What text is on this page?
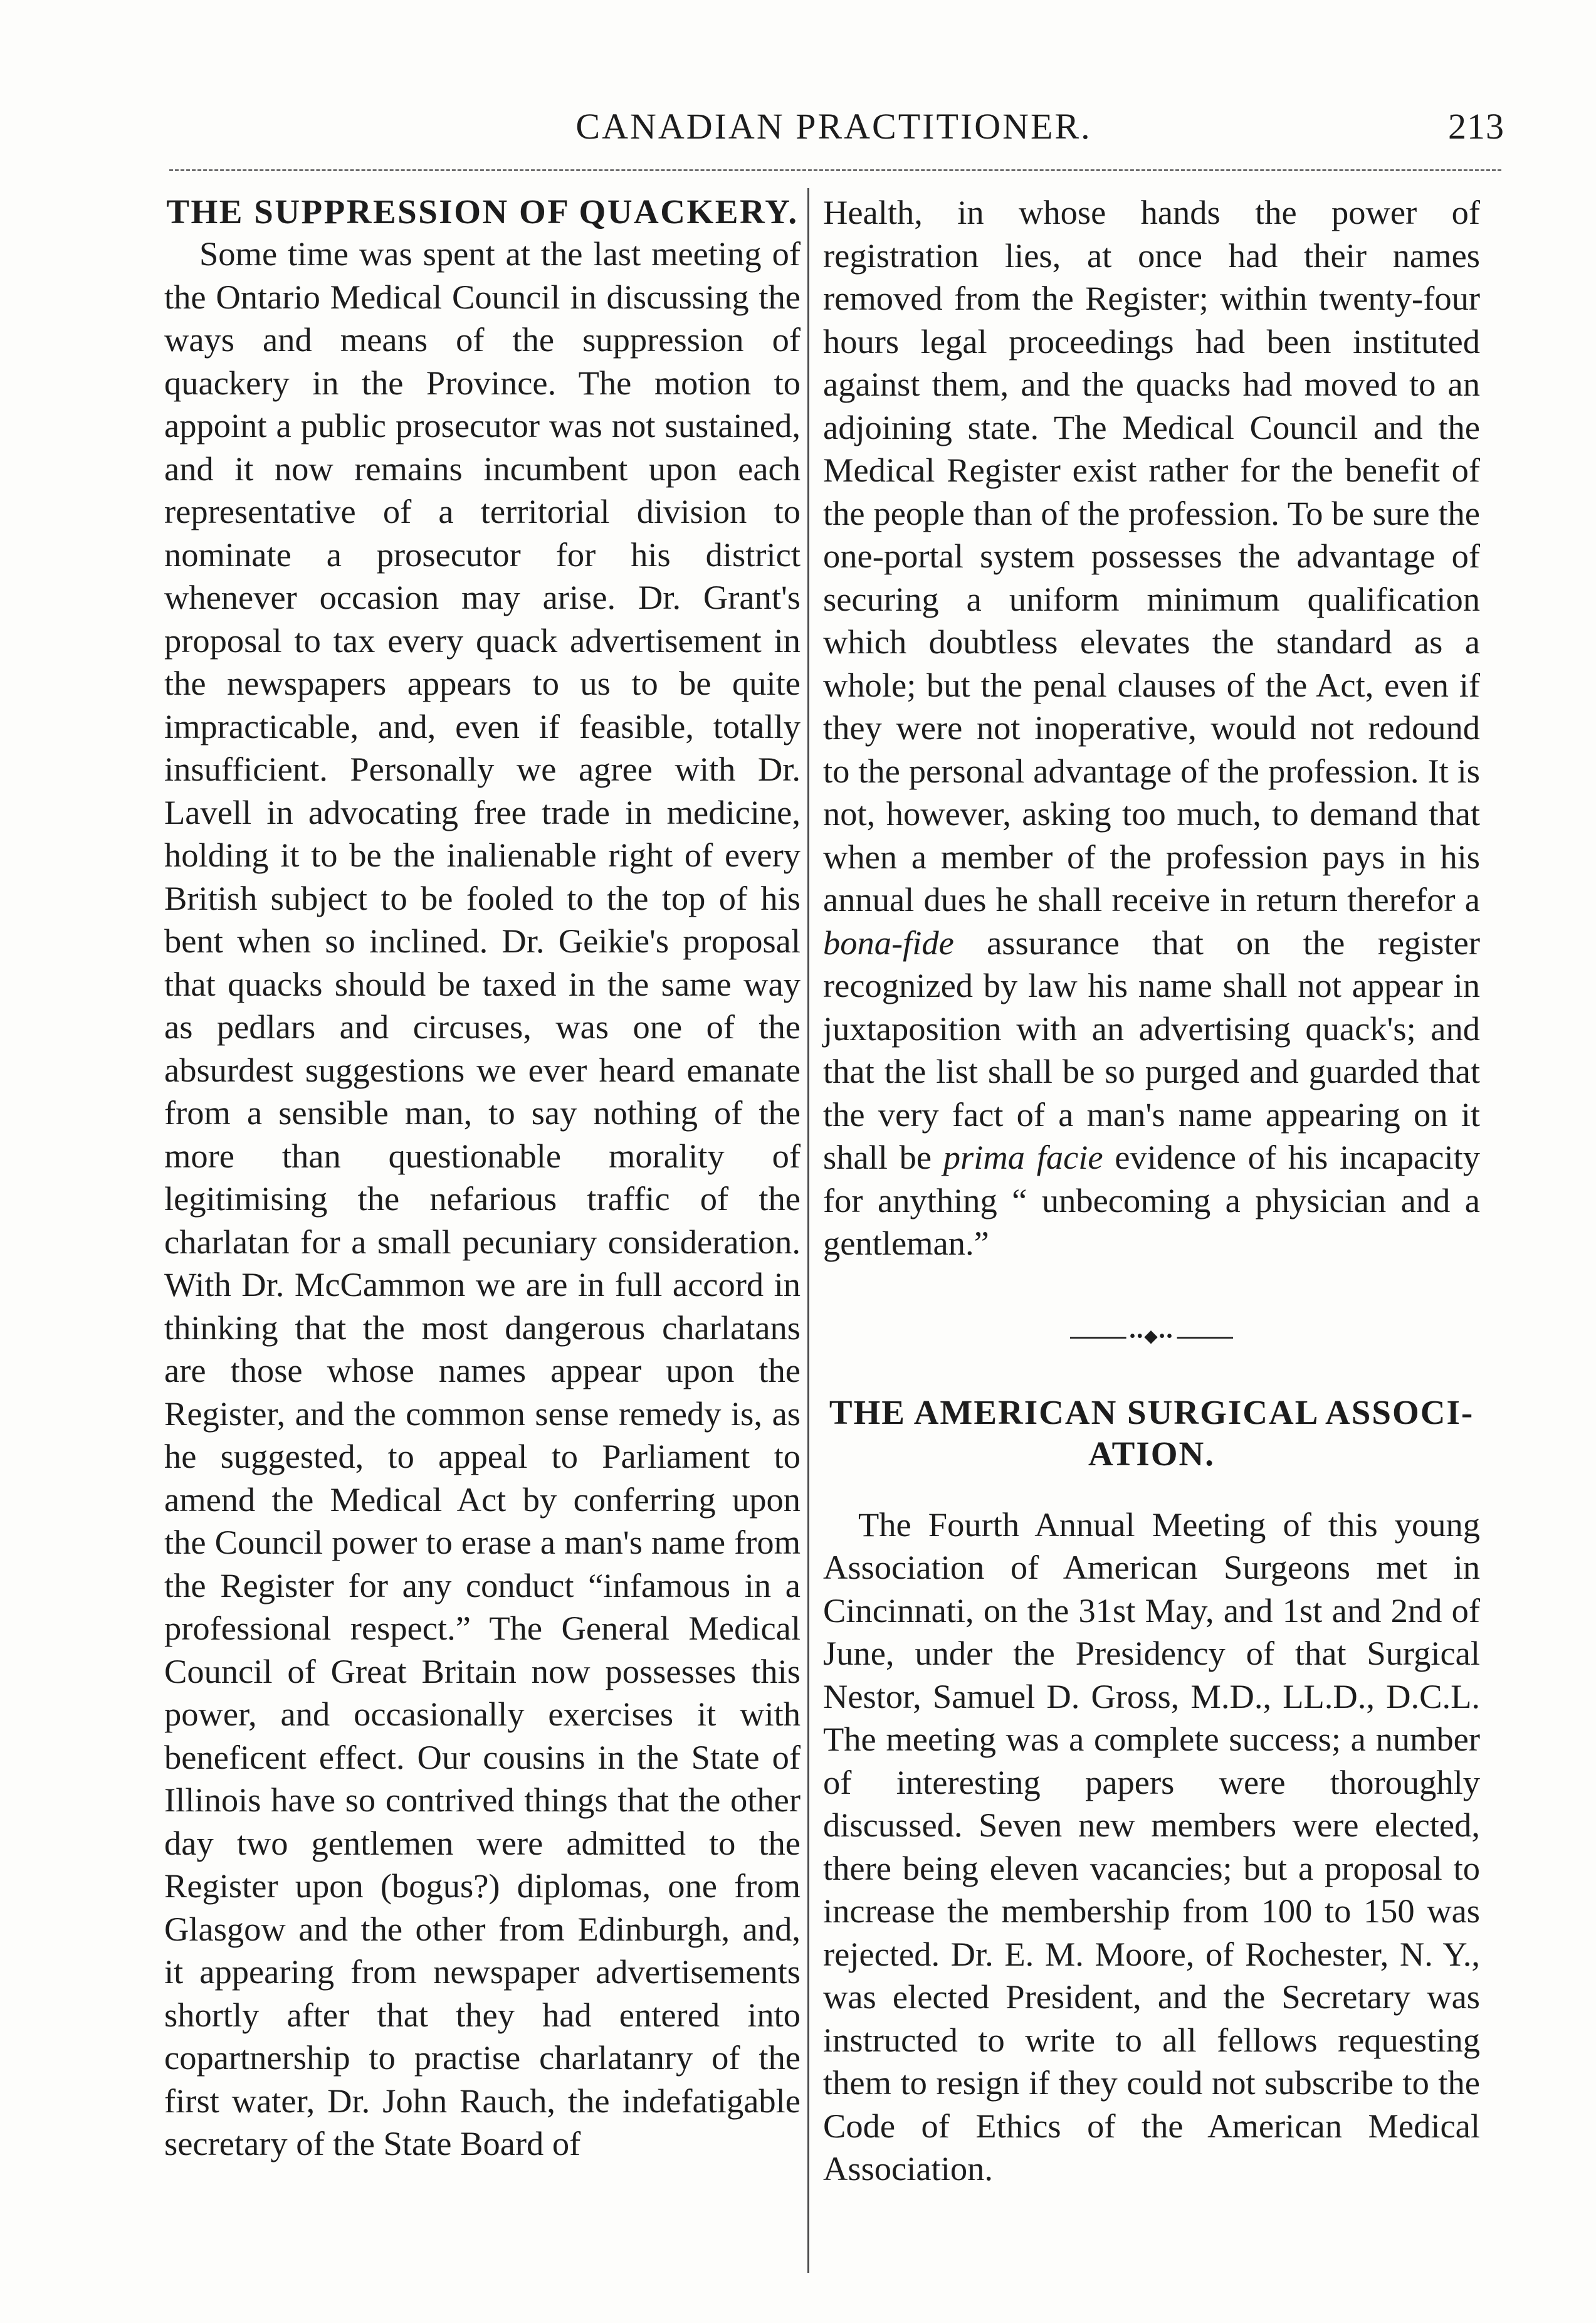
CANADIAN PRACTITIONER.	213
THE SUPPRESSION OF QUACKERY.

Some time was spent at the last meeting of the Ontario Medical Council in discussing the ways and means of the suppression of quackery in the Province. The motion to appoint a public prosecutor was not sustained, and it now remains incumbent upon each representative of a territorial division to nominate a prosecutor for his district whenever occasion may arise. Dr. Grant's proposal to tax every quack advertisement in the newspapers appears to us to be quite impracticable, and, even if feasible, totally insufficient. Personally we agree with Dr. Lavell in advocating free trade in medicine, holding it to be the inalienable right of every British subject to be fooled to the top of his bent when so inclined. Dr. Geikie's proposal that quacks should be taxed in the same way as pedlars and circuses, was one of the absurdest suggestions we ever heard emanate from a sensible man, to say nothing of the more than questionable morality of legitimising the nefarious traffic of the charlatan for a small pecuniary consideration. With Dr. McCammon we are in full accord in thinking that the most dangerous charlatans are those whose names appear upon the Register, and the common sense remedy is, as he suggested, to appeal to Parliament to amend the Medical Act by conferring upon the Council power to erase a man's name from the Register for any conduct “infamous in a professional respect.” The General Medical Council of Great Britain now possesses this power, and occasionally exercises it with beneficent effect. Our cousins in the State of Illinois have so contrived things that the other day two gentlemen were admitted to the Register upon (bogus?) diplomas, one from Glasgow and the other from Edinburgh, and, it appearing from newspaper advertisements shortly after that they had entered into copartnership to practise charlatanry of the first water, Dr. John Rauch, the indefatigable secretary of the State Board of

Health, in whose hands the power of registration lies, at once had their names removed from the Register; within twenty-four hours legal proceedings had been instituted against them, and the quacks had moved to an adjoining state. The Medical Council and the Medical Register exist rather for the benefit of the people than of the profession. To be sure the one-portal system possesses the advantage of securing a uniform minimum qualification which doubtless elevates the standard as a whole; but the penal clauses of the Act, even if they were not inoperative, would not redound to the personal advantage of the profession. It is not, however, asking too much, to demand that when a member of the profession pays in his annual dues he shall receive in return therefor a bona-fide assurance that on the register recognized by law his name shall not appear in juxtaposition with an advertising quack's; and that the list shall be so purged and guarded that the very fact of a man's name appearing on it shall be prima facie evidence of his incapacity for anything “ unbecoming a physician and a gentleman.”

••◆••
THE AMERICAN SURGICAL ASSOCI-
ATION.

The Fourth Annual Meeting of this young Association of American Surgeons met in Cincinnati, on the 31st May, and 1st and 2nd of June, under the Presidency of that Surgical Nestor, Samuel D. Gross, M.D., LL.D., D.C.L. The meeting was a complete success; a number of interesting papers were thoroughly discussed. Seven new members were elected, there being eleven vacancies; but a proposal to increase the membership from 100 to 150 was rejected. Dr. E. M. Moore, of Rochester, N. Y., was elected President, and the Secretary was instructed to write to all fellows requesting them to resign if they could not subscribe to the Code of Ethics of the American Medical Association.
